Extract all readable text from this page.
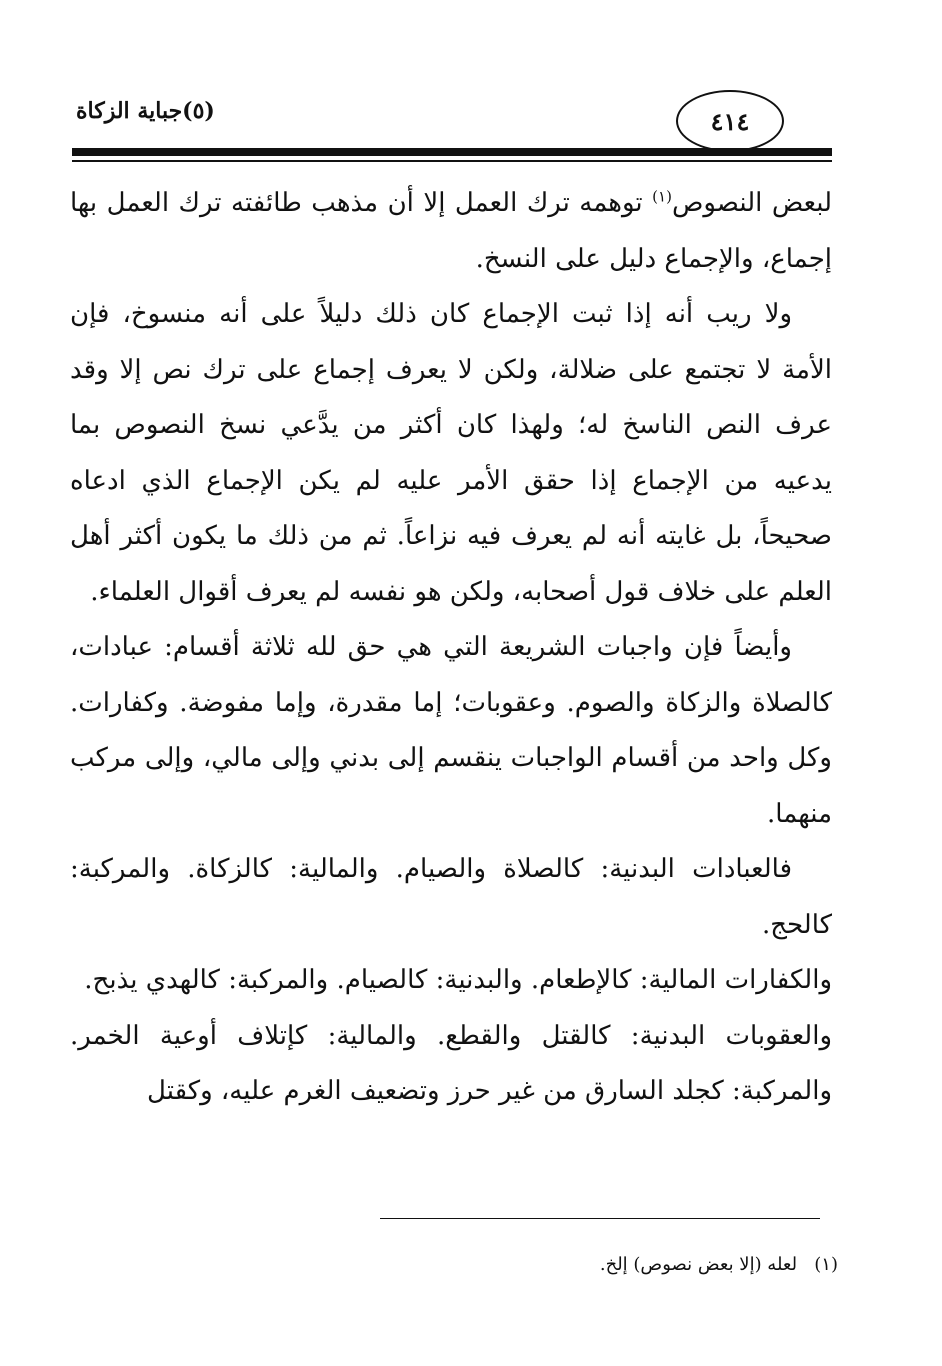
(٥)جباية الزكاة	٤١٤

لبعض النصوص$^{(١)}$ توهمه ترك العمل إلا أن مذهب طائفته ترك العمل بها إجماع، والإجماع دليل على النسخ.

ولا ريب أنه إذا ثبت الإجماع كان ذلك دليلاً على أنه منسوخ، فإن الأمة لا تجتمع على ضلالة، ولكن لا يعرف إجماع على ترك نص إلا وقد عرف النص الناسخ له؛ ولهذا كان أكثر من يدَّعي نسخ النصوص بما يدعيه من الإجماع إذا حقق الأمر عليه لم يكن الإجماع الذي ادعاه صحيحاً، بل غايته أنه لم يعرف فيه نزاعاً. ثم من ذلك ما يكون أكثر أهل العلم على خلاف قول أصحابه، ولكن هو نفسه لم يعرف أقوال العلماء.

وأيضاً فإن واجبات الشريعة التي هي حق لله ثلاثة أقسام: عبادات، كالصلاة والزكاة والصوم. وعقوبات؛ إما مقدرة، وإما مفوضة. وكفارات. وكل واحد من أقسام الواجبات ينقسم إلى بدني وإلى مالي، وإلى مركب منهما.

فالعبادات البدنية: كالصلاة والصيام. والمالية: كالزكاة. والمركبة: كالحج.

والكفارات المالية: كالإطعام. والبدنية: كالصيام. والمركبة: كالهدي يذبح.

والعقوبات البدنية: كالقتل والقطع. والمالية: كإتلاف أوعية الخمر. والمركبة: كجلد السارق من غير حرز وتضعيف الغرم عليه، وكقتل

(١)   لعله (إلا بعض نصوص) إلخ.
